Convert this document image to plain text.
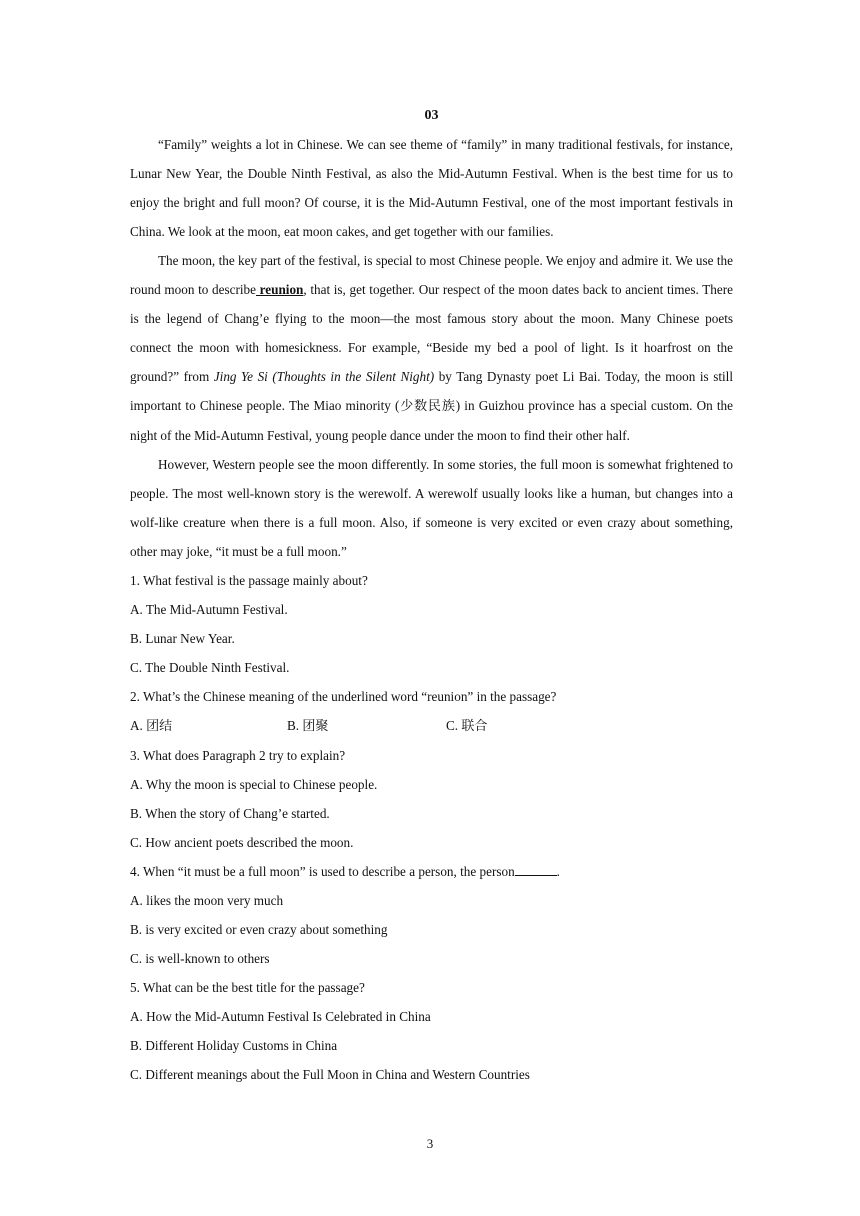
03

“Family” weights a lot in Chinese. We can see theme of “family” in many traditional festivals, for instance, Lunar New Year, the Double Ninth Festival, as also the Mid-Autumn Festival. When is the best time for us to enjoy the bright and full moon? Of course, it is the Mid-Autumn Festival, one of the most important festivals in China. We look at the moon, eat moon cakes, and get together with our families.

The moon, the key part of the festival, is special to most Chinese people. We enjoy and admire it. We use the round moon to describe reunion, that is, get together. Our respect of the moon dates back to ancient times. There is the legend of Chang’e flying to the moon—the most famous story about the moon. Many Chinese poets connect the moon with homesickness. For example, “Beside my bed a pool of light. Is it hoarfrost on the ground?” from Jing Ye Si (Thoughts in the Silent Night) by Tang Dynasty poet Li Bai. Today, the moon is still important to Chinese people. The Miao minority (少数民族) in Guizhou province has a special custom. On the night of the Mid-Autumn Festival, young people dance under the moon to find their other half.

However, Western people see the moon differently. In some stories, the full moon is somewhat frightened to people. The most well-known story is the werewolf. A werewolf usually looks like a human, but changes into a wolf-like creature when there is a full moon. Also, if someone is very excited or even crazy about something, other may joke, “it must be a full moon.”

1. What festival is the passage mainly about?

A. The Mid-Autumn Festival.

B. Lunar New Year.

C. The Double Ninth Festival.

2. What’s the Chinese meaning of the underlined word “reunion” in the passage?

A. 团结	B. 团聚	C. 联合

3. What does Paragraph 2 try to explain?

A. Why the moon is special to Chinese people.

B. When the story of Chang’e started.

C. How ancient poets described the moon.

4. When “it must be a full moon” is used to describe a person, the person	.

A. likes the moon very much

B. is very excited or even crazy about something

C. is well-known to others

5. What can be the best title for the passage?

A. How the Mid-Autumn Festival Is Celebrated in China

B. Different Holiday Customs in China

C. Different meanings about the Full Moon in China and Western Countries

3
